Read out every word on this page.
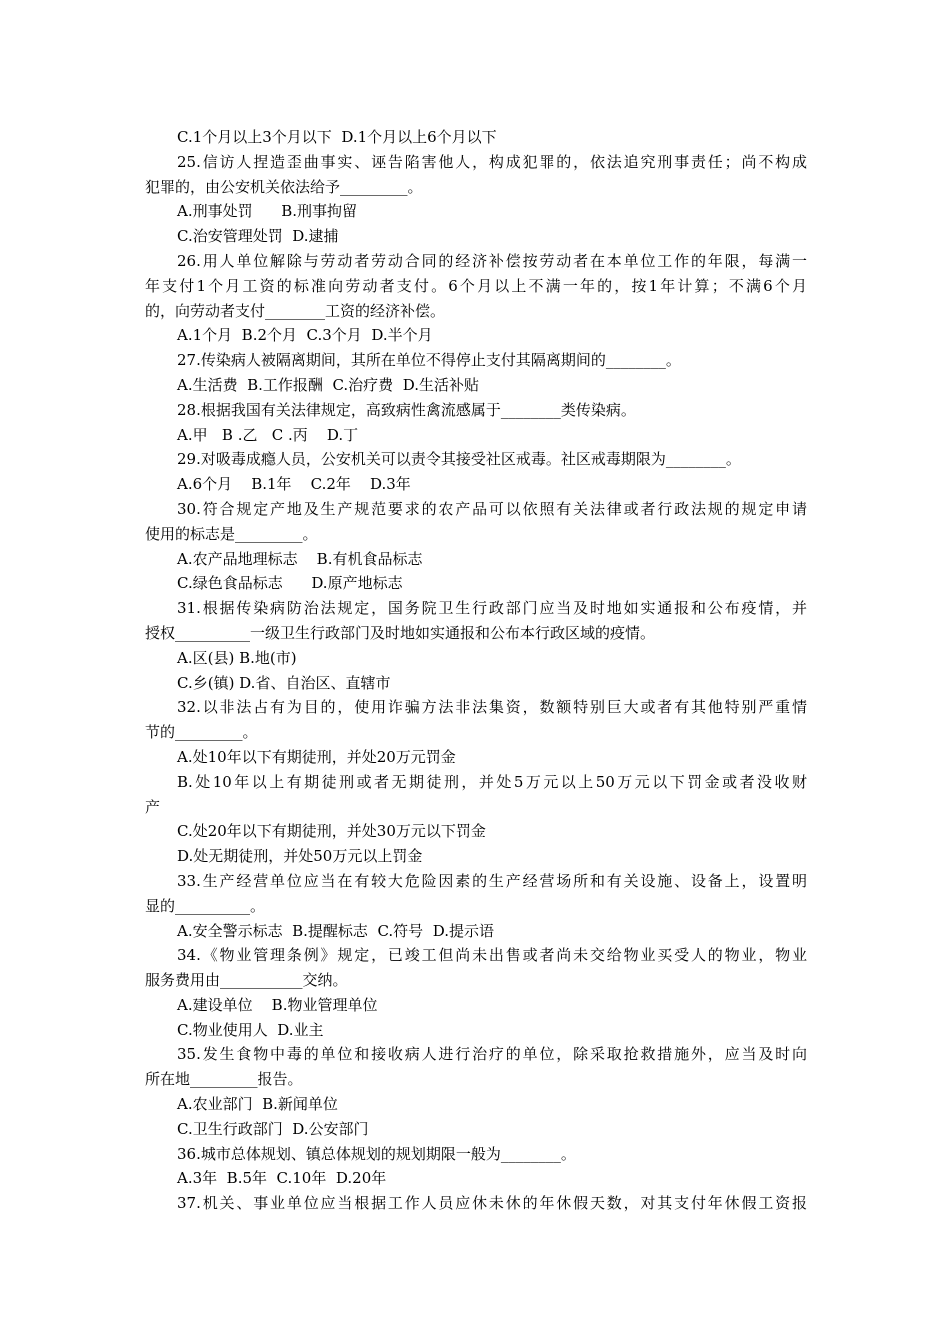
C.1个月以上3个月以下  D.1个月以上6个月以下
25.信访人捏造歪曲事实、诬告陷害他人，构成犯罪的，依法追究刑事责任；尚不构成
犯罪的，由公安机关依法给予_________。
A.刑事处罚      B.刑事拘留
C.治安管理处罚  D.逮捕
26.用人单位解除与劳动者劳动合同的经济补偿按劳动者在本单位工作的年限，每满一
年支付1个月工资的标准向劳动者支付。6个月以上不满一年的，按1年计算；不满6个月
的，向劳动者支付________工资的经济补偿。
A.1个月  B.2个月  C.3个月  D.半个月
27.传染病人被隔离期间，其所在单位不得停止支付其隔离期间的________。
A.生活费  B.工作报酬  C.治疗费  D.生活补贴
28.根据我国有关法律规定，高致病性禽流感属于________类传染病。
A.甲   B .乙   C .丙    D.丁
29.对吸毒成瘾人员，公安机关可以责令其接受社区戒毒。社区戒毒期限为________。
A.6个月    B.1年    C.2年    D.3年
30.符合规定产地及生产规范要求的农产品可以依照有关法律或者行政法规的规定申请
使用的标志是_________。
A.农产品地理标志    B.有机食品标志
C.绿色食品标志      D.原产地标志
31.根据传染病防治法规定，国务院卫生行政部门应当及时地如实通报和公布疫情，并
授权__________一级卫生行政部门及时地如实通报和公布本行政区域的疫情。
A.区(县) B.地(市)
C.乡(镇) D.省、自治区、直辖市
32.以非法占有为目的，使用诈骗方法非法集资，数额特别巨大或者有其他特别严重情
节的_________。
A.处10年以下有期徒刑，并处20万元罚金
B.处10年以上有期徒刑或者无期徒刑，并处5万元以上50万元以下罚金或者没收财
产
C.处20年以下有期徒刑，并处30万元以下罚金
D.处无期徒刑，并处50万元以上罚金
33.生产经营单位应当在有较大危险因素的生产经营场所和有关设施、设备上，设置明
显的__________。
A.安全警示标志  B.提醒标志  C.符号  D.提示语
34.《物业管理条例》规定，已竣工但尚未出售或者尚未交给物业买受人的物业，物业
服务费用由___________交纳。
A.建设单位    B.物业管理单位
C.物业使用人  D.业主
35.发生食物中毒的单位和接收病人进行治疗的单位，除采取抢救措施外，应当及时向
所在地_________报告。
A.农业部门  B.新闻单位
C.卫生行政部门  D.公安部门
36.城市总体规划、镇总体规划的规划期限一般为________。
A.3年  B.5年  C.10年  D.20年
37.机关、事业单位应当根据工作人员应休未休的年休假天数，对其支付年休假工资报
